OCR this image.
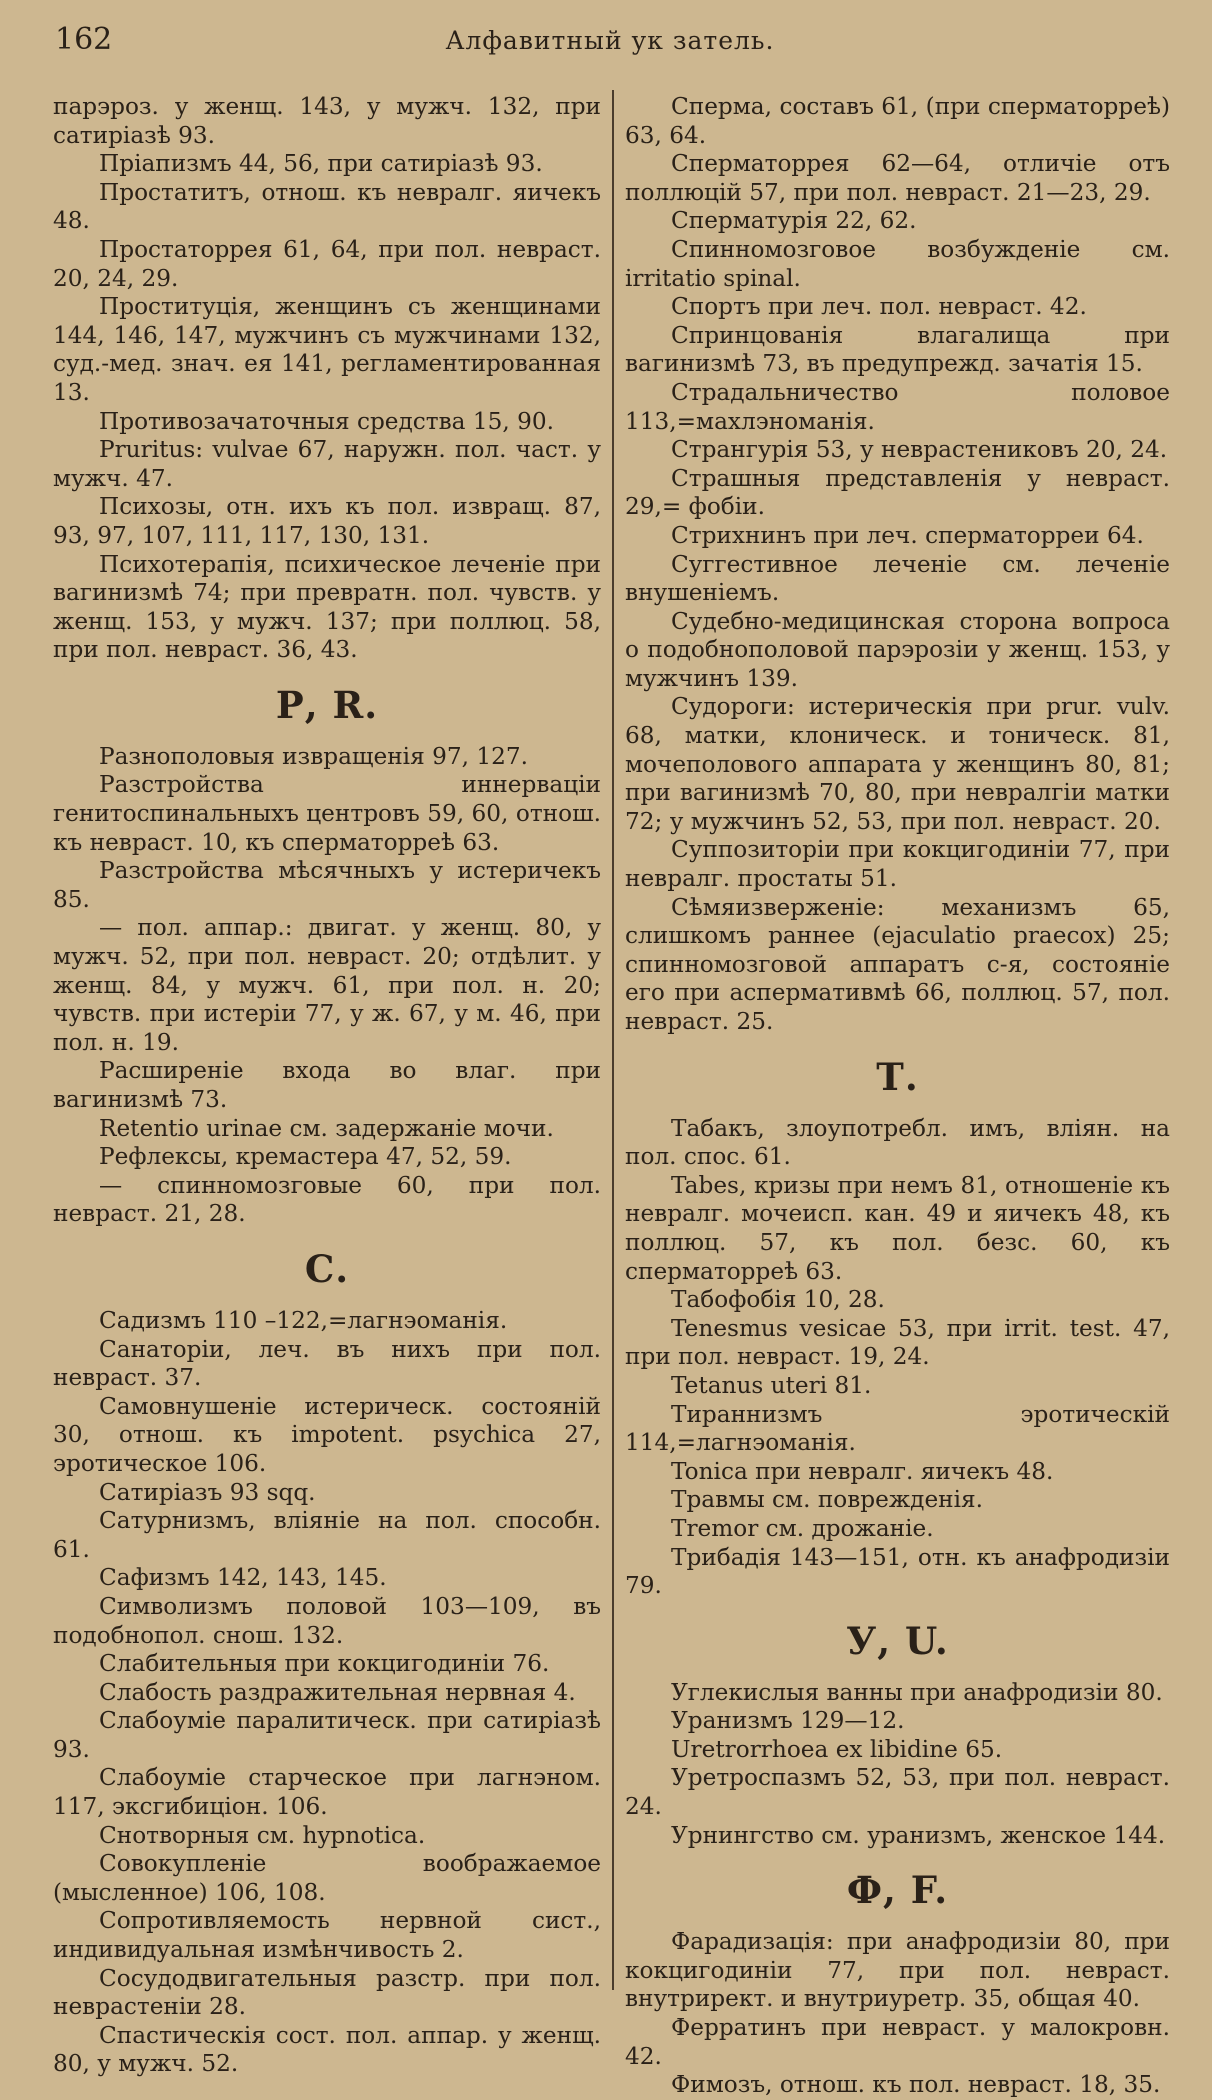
162	Алфавитный ук затель.

парэроз. у женщ. 143, у мужч. 132, при сатиріазѣ 93.

Пріапизмъ 44, 56, при сатиріазѣ 93.

Простатитъ, отнош. къ невралг. яичекъ 48.

Простаторрея 61, 64, при пол. невраст. 20, 24, 29.

Проституція, женщинъ съ женщинами 144, 146, 147, мужчинъ съ мужчинами 132, суд.-мед. знач. ея 141, регламентированная 13.

Противозачаточныя средства 15, 90.

Pruritus: vulvae 67, наружн. пол. част. у мужч. 47.

Психозы, отн. ихъ къ пол. извращ. 87, 93, 97, 107, 111, 117, 130, 131.

Психотерапія, психическое леченіе при вагинизмѣ 74; при превратн. пол. чувств. у женщ. 153, у мужч. 137; при поллюц. 58, при пол. невраст. 36, 43.

Р, R.

Разнополовыя извращенія 97, 127.

Разстройства иннерваціи генитоспинальныхъ центровъ 59, 60, отнош. къ невраст. 10, къ сперматорреѣ 63.

Разстройства мѣсячныхъ у истеричекъ 85.

— пол. аппар.: двигат. у женщ. 80, у мужч. 52, при пол. невраст. 20; отдѣлит. у женщ. 84, у мужч. 61, при пол. н. 20; чувств. при истеріи 77, у ж. 67, у м. 46, при пол. н. 19.

Расширеніе входа во влаг. при вагинизмѣ 73.

Retentio urinae см. задержаніе мочи.

Рефлексы, кремастера 47, 52, 59.

— спинномозговые 60, при пол. невраст. 21, 28.

С.

Садизмъ 110 –122,=лагнэоманія.

Санаторіи, леч. въ нихъ при пол. невраст. 37.

Самовнушеніе истерическ. состояній 30, отнош. къ impotent. psychica 27, эротическое 106.

Сатиріазъ 93 sqq.

Сатурнизмъ, вліяніе на пол. способн. 61.

Сафизмъ 142, 143, 145.

Символизмъ половой 103—109, въ подобнопол. снош. 132.

Слабительныя при кокцигодиніи 76.

Слабость раздражительная нервная 4.

Слабоуміе паралитическ. при сатиріазѣ 93.

Слабоуміе старческое при лагнэном. 117, эксгибиціон. 106.

Снотворныя см. hypnotica.

Совокупленіе воображаемое (мысленное) 106, 108.

Сопротивляемость нервной сист., индивидуальная измѣнчивость 2.

Сосудодвигательныя разстр. при пол. неврастеніи 28.

Спастическія сост. пол. аппар. у женщ. 80, у мужч. 52.

Сперма, составъ 61, (при сперматорреѣ) 63, 64.

Сперматоррея 62—64, отличіе отъ поллюцій 57, при пол. невраст. 21—23, 29.

Сперматурія 22, 62.

Спинномозговое возбужденіе см. irritatio spinal.

Спортъ при леч. пол. невраст. 42.

Спринцованія влагалища при вагинизмѣ 73, въ предупрежд. зачатія 15.

Страдальничество половое 113,=махлэноманія.

Странгурія 53, у неврастениковъ 20, 24.

Страшныя представленія у невраст. 29,= фобіи.

Стрихнинъ при леч. сперматорреи 64.

Суггестивное леченіе см. леченіе внушеніемъ.

Судебно-медицинская сторона вопроса о подобнополовой парэрозіи у женщ. 153, у мужчинъ 139.

Судороги: истерическія при prur. vulv. 68, матки, клоническ. и тоническ. 81, мочеполового аппарата у женщинъ 80, 81; при вагинизмѣ 70, 80, при невралгіи матки 72; у мужчинъ 52, 53, при пол. невраст. 20.

Суппозиторіи при кокцигодиніи 77, при невралг. простаты 51.

Сѣмяизверженіе: механизмъ 65, слишкомъ раннее (ejaculatio praecox) 25; спинномозговой аппаратъ с-я, состояніе его при аспермативмѣ 66, поллюц. 57, пол. невраст. 25.

Т.

Табакъ, злоупотребл. имъ, вліян. на пол. спос. 61.

Tabes, кризы при немъ 81, отношеніе къ невралг. мочеисп. кан. 49 и яичекъ 48, къ поллюц. 57, къ пол. безс. 60, къ сперматорреѣ 63.

Табофобія 10, 28.

Tenesmus vesicae 53, при irrit. test. 47, при пол. невраст. 19, 24.

Tetanus uteri 81.

Тираннизмъ эротическій 114,=лагнэоманія.

Tonica при невралг. яичекъ 48.

Травмы см. поврежденія.

Tremor см. дрожаніе.

Трибадія 143—151, отн. къ анафродизіи 79.

У, U.

Углекислыя ванны при анафродизіи 80.

Уранизмъ 129—12.

Uretrorrhoea ex libidine 65.

Уретроспазмъ 52, 53, при пол. невраст. 24.

Урнингство см. уранизмъ, женское 144.

Ф, F.

Фарадизація: при анафродизіи 80, при кокцигодиніи 77, при пол. невраст. внутрирект. и внутриуретр. 35, общая 40.

Ферратинъ при невраст. у малокровн. 42.

Фимозъ, отнош. къ пол. невраст. 18, 35.
